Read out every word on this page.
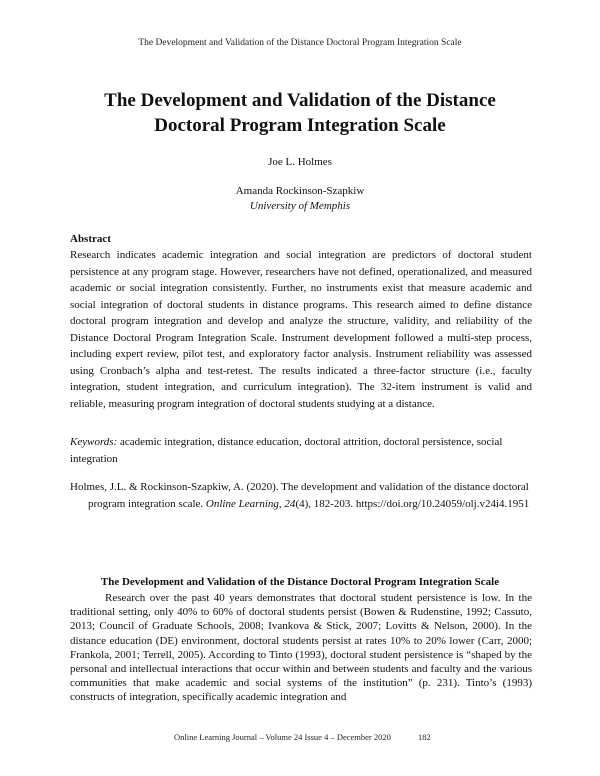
The Development and Validation of the Distance Doctoral Program Integration Scale
The Development and Validation of the Distance
Doctoral Program Integration Scale
Joe L. Holmes
Amanda Rockinson-Szapkiw
University of Memphis
Abstract

Research indicates academic integration and social integration are predictors of doctoral student persistence at any program stage. However, researchers have not defined, operationalized, and measured academic or social integration consistently. Further, no instruments exist that measure academic and social integration of doctoral students in distance programs. This research aimed to define distance doctoral program integration and develop and analyze the structure, validity, and reliability of the Distance Doctoral Program Integration Scale. Instrument development followed a multi-step process, including expert review, pilot test, and exploratory factor analysis. Instrument reliability was assessed using Cronbach’s alpha and test-retest. The results indicated a three-factor structure (i.e., faculty integration, student integration, and curriculum integration). The 32-item instrument is valid and reliable, measuring program integration of doctoral students studying at a distance.

Keywords: academic integration, distance education, doctoral attrition, doctoral persistence, social integration

Holmes, J.L. & Rockinson-Szapkiw, A. (2020). The development and validation of the distance doctoral program integration scale. Online Learning, 24(4), 182-203. https://doi.org/10.24059/olj.v24i4.1951

The Development and Validation of the Distance Doctoral Program Integration Scale

Research over the past 40 years demonstrates that doctoral student persistence is low. In the traditional setting, only 40% to 60% of doctoral students persist (Bowen & Rudenstine, 1992; Cassuto, 2013; Council of Graduate Schools, 2008; Ivankova & Stick, 2007; Lovitts & Nelson, 2000). In the distance education (DE) environment, doctoral students persist at rates 10% to 20% lower (Carr, 2000; Frankola, 2001; Terrell, 2005). According to Tinto (1993), doctoral student persistence is “shaped by the personal and intellectual interactions that occur within and between students and faculty and the various communities that make academic and social systems of the institution” (p. 231). Tinto’s (1993) constructs of integration, specifically academic integration and

Online Learning Journal – Volume 24 Issue 4 – December 2020	182
